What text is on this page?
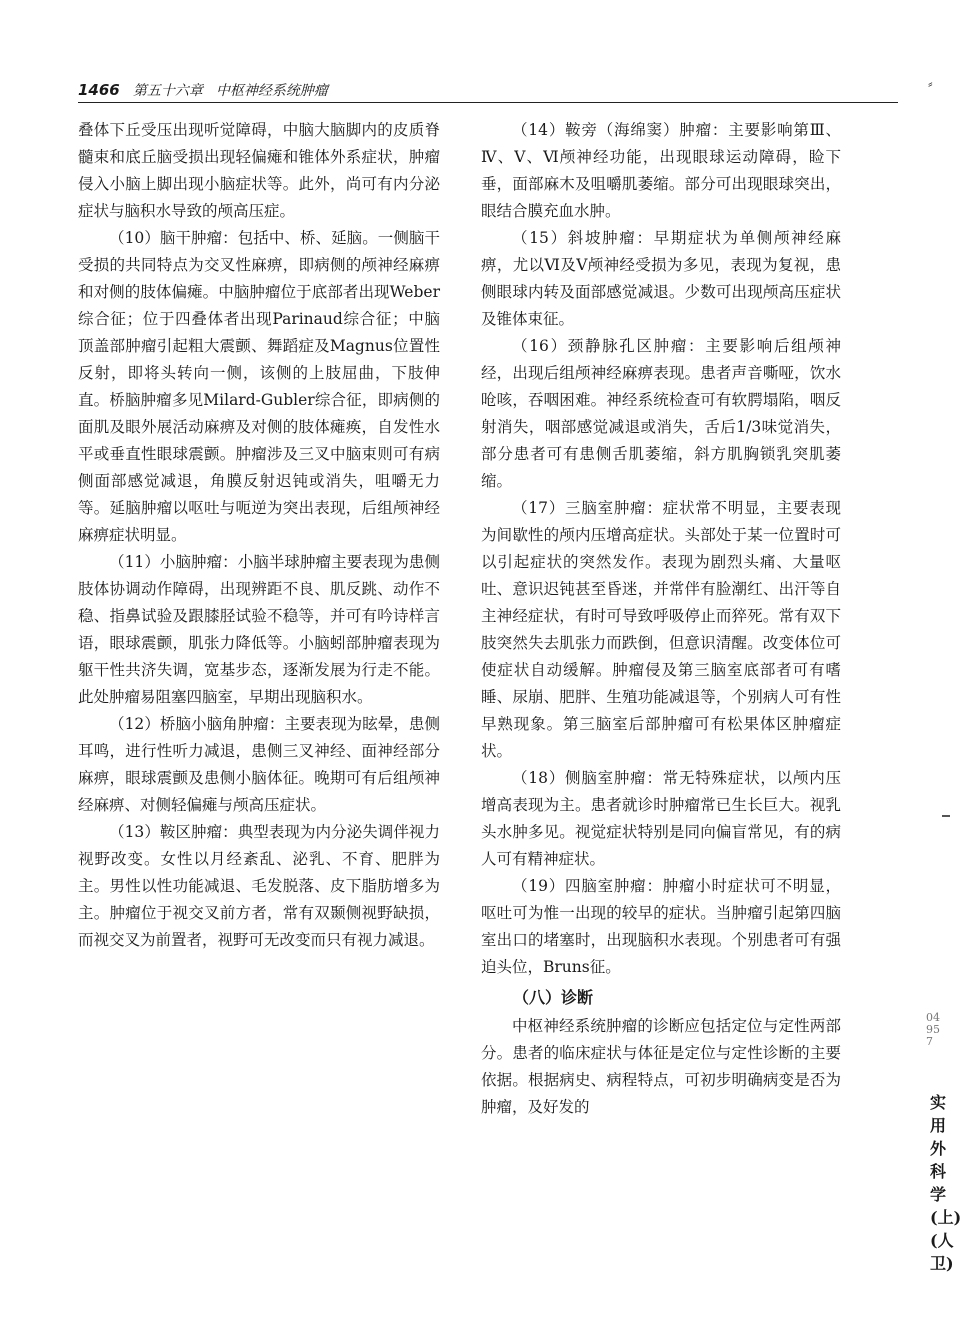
1466 第五十六章 中枢神经系统肿瘤	⸗

叠体下丘受压出现听觉障碍，中脑大脑脚内的皮质脊髓束和底丘脑受损出现轻偏瘫和锥体外系症状，肿瘤侵入小脑上脚出现小脑症状等。此外，尚可有内分泌症状与脑积水导致的颅高压症。

（10）脑干肿瘤：包括中、桥、延脑。一侧脑干受损的共同特点为交叉性麻痹，即病侧的颅神经麻痹和对侧的肢体偏瘫。中脑肿瘤位于底部者出现Weber综合征；位于四叠体者出现Parinaud综合征；中脑顶盖部肿瘤引起粗大震颤、舞蹈症及Magnus位置性反射，即将头转向一侧，该侧的上肢屈曲，下肢伸直。桥脑肿瘤多见Milard-Gubler综合征，即病侧的面肌及眼外展活动麻痹及对侧的肢体瘫痪，自发性水平或垂直性眼球震颤。肿瘤涉及三叉中脑束则可有病侧面部感觉减退，角膜反射迟钝或消失，咀嚼无力等。延脑肿瘤以呕吐与呃逆为突出表现，后组颅神经麻痹症状明显。

（11）小脑肿瘤：小脑半球肿瘤主要表现为患侧肢体协调动作障碍，出现辨距不良、肌反跳、动作不稳、指鼻试验及跟膝胫试验不稳等，并可有吟诗样言语，眼球震颤，肌张力降低等。小脑蚓部肿瘤表现为躯干性共济失调，宽基步态，逐渐发展为行走不能。此处肿瘤易阻塞四脑室，早期出现脑积水。

（12）桥脑小脑角肿瘤：主要表现为眩晕，患侧耳鸣，进行性听力减退，患侧三叉神经、面神经部分麻痹，眼球震颤及患侧小脑体征。晚期可有后组颅神经麻痹、对侧轻偏瘫与颅高压症状。

（13）鞍区肿瘤：典型表现为内分泌失调伴视力视野改变。女性以月经紊乱、泌乳、不育、肥胖为主。男性以性功能减退、毛发脱落、皮下脂肪增多为主。肿瘤位于视交叉前方者，常有双颞侧视野缺损，而视交叉为前置者，视野可无改变而只有视力减退。

（14）鞍旁（海绵窦）肿瘤：主要影响第Ⅲ、Ⅳ、Ⅴ、Ⅵ颅神经功能，出现眼球运动障碍，睑下垂，面部麻木及咀嚼肌萎缩。部分可出现眼球突出，眼结合膜充血水肿。

（15）斜坡肿瘤：早期症状为单侧颅神经麻痹，尤以Ⅵ及Ⅴ颅神经受损为多见，表现为复视，患侧眼球内转及面部感觉减退。少数可出现颅高压症状及锥体束征。

（16）颈静脉孔区肿瘤：主要影响后组颅神经，出现后组颅神经麻痹表现。患者声音嘶哑，饮水呛咳，吞咽困难。神经系统检查可有软腭塌陷，咽反射消失，咽部感觉减退或消失，舌后1/3味觉消失，部分患者可有患侧舌肌萎缩，斜方肌胸锁乳突肌萎缩。

（17）三脑室肿瘤：症状常不明显，主要表现为间歇性的颅内压增高症状。头部处于某一位置时可以引起症状的突然发作。表现为剧烈头痛、大量呕吐、意识迟钝甚至昏迷，并常伴有脸潮红、出汗等自主神经症状，有时可导致呼吸停止而猝死。常有双下肢突然失去肌张力而跌倒，但意识清醒。改变体位可使症状自动缓解。肿瘤侵及第三脑室底部者可有嗜睡、尿崩、肥胖、生殖功能减退等，个别病人可有性早熟现象。第三脑室后部肿瘤可有松果体区肿瘤症状。

（18）侧脑室肿瘤：常无特殊症状，以颅内压增高表现为主。患者就诊时肿瘤常已生长巨大。视乳头水肿多见。视觉症状特别是同向偏盲常见，有的病人可有精神症状。

（19）四脑室肿瘤：肿瘤小时症状可不明显，呕吐可为惟一出现的较早的症状。当肿瘤引起第四脑室出口的堵塞时，出现脑积水表现。个别患者可有强迫头位，Bruns征。

（八）诊断

中枢神经系统肿瘤的诊断应包括定位与定性两部分。患者的临床症状与体征是定位与定性诊断的主要依据。根据病史、病程特点，可初步明确病变是否为肿瘤，及好发的

04957
实用外科学(上)(人卫)
